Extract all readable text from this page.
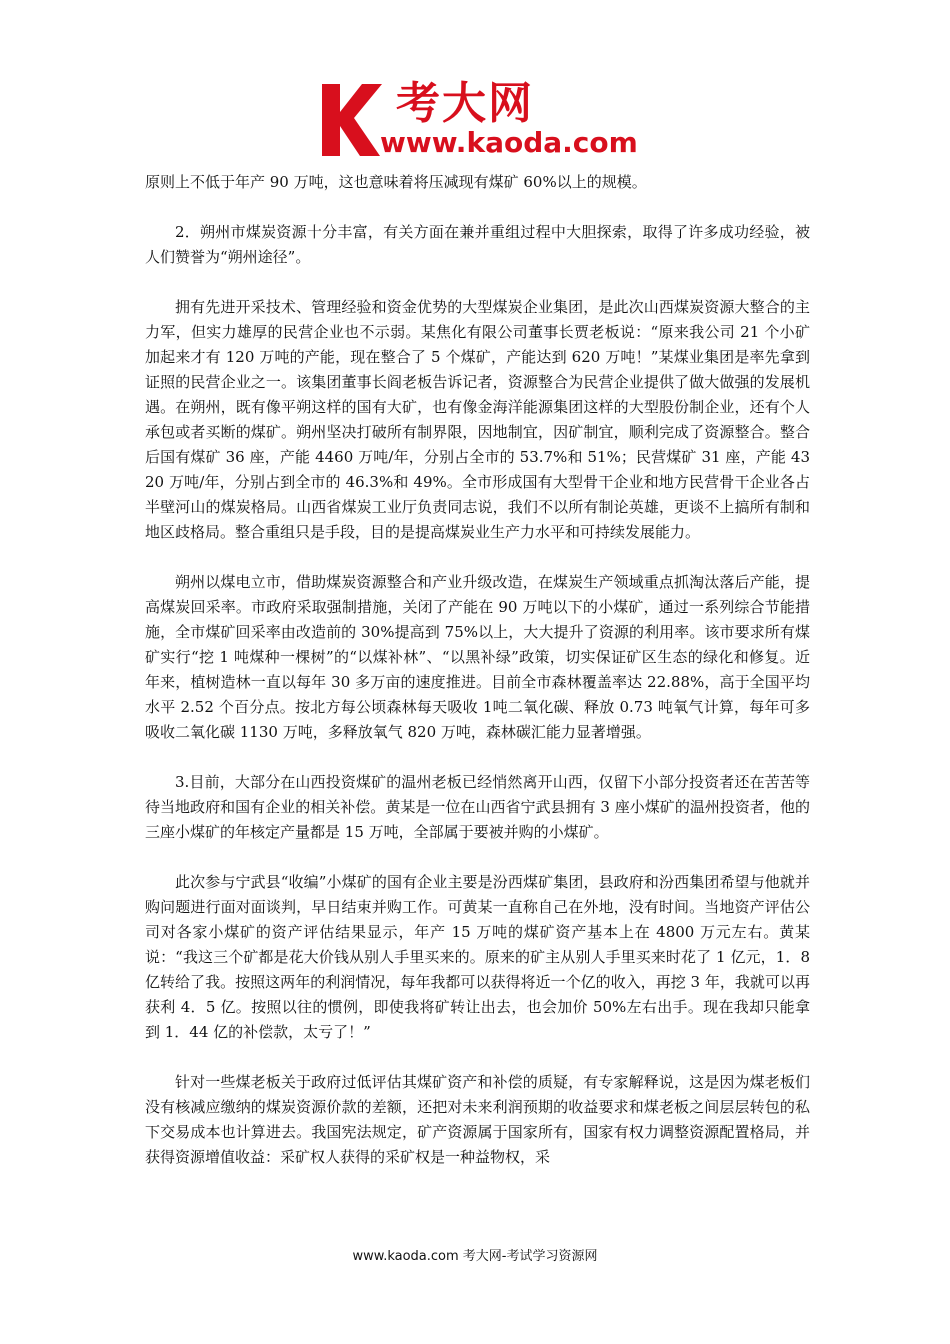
考大网
www.kaoda.com

原则上不低于年产 90 万吨，这也意味着将压减现有煤矿 60%以上的规模。

2．朔州市煤炭资源十分丰富，有关方面在兼并重组过程中大胆探索，取得了许多成功经验，被人们赞誉为“朔州途径”。

拥有先进开采技术、管理经验和资金优势的大型煤炭企业集团，是此次山西煤炭资源大整合的主力军，但实力雄厚的民营企业也不示弱。某焦化有限公司董事长贾老板说：“原来我公司 21 个小矿加起来才有 120 万吨的产能，现在整合了 5 个煤矿，产能达到 620 万吨！”某煤业集团是率先拿到证照的民营企业之一。该集团董事长阎老板告诉记者，资源整合为民营企业提供了做大做强的发展机遇。在朔州，既有像平朔这样的国有大矿，也有像金海洋能源集团这样的大型股份制企业，还有个人承包或者买断的煤矿。朔州坚决打破所有制界限，因地制宜，因矿制宜，顺利完成了资源整合。整合后国有煤矿 36 座，产能 4460 万吨/年，分别占全市的 53.7%和 51%；民营煤矿 31 座，产能 4320 万吨/年，分别占到全市的 46.3%和 49%。全市形成国有大型骨干企业和地方民营骨干企业各占半壁河山的煤炭格局。山西省煤炭工业厅负责同志说，我们不以所有制论英雄，更谈不上搞所有制和地区歧格局。整合重组只是手段，目的是提高煤炭业生产力水平和可持续发展能力。

朔州以煤电立市，借助煤炭资源整合和产业升级改造，在煤炭生产领域重点抓淘汰落后产能，提高煤炭回采率。市政府采取强制措施，关闭了产能在 90 万吨以下的小煤矿，通过一系列综合节能措施，全市煤矿回采率由改造前的 30%提高到 75%以上，大大提升了资源的利用率。该市要求所有煤矿实行“挖 1 吨煤种一棵树”的“以煤补林”、“以黑补绿”政策，切实保证矿区生态的绿化和修复。近年来，植树造林一直以每年 30 多万亩的速度推进。目前全市森林覆盖率达 22.88%，高于全国平均水平 2.52 个百分点。按北方每公顷森林每天吸收 1吨二氧化碳、释放 0.73 吨氧气计算，每年可多吸收二氧化碳 1130 万吨，多释放氧气 820 万吨，森林碳汇能力显著增强。

3.目前，大部分在山西投资煤矿的温州老板已经悄然离开山西，仅留下小部分投资者还在苦苦等待当地政府和国有企业的相关补偿。黄某是一位在山西省宁武县拥有 3 座小煤矿的温州投资者，他的三座小煤矿的年核定产量都是 15 万吨，全部属于要被并购的小煤矿。

此次参与宁武县“收编”小煤矿的国有企业主要是汾西煤矿集团，县政府和汾西集团希望与他就并购问题进行面对面谈判，早日结束并购工作。可黄某一直称自己在外地，没有时间。当地资产评估公司对各家小煤矿的资产评估结果显示，年产 15 万吨的煤矿资产基本上在 4800 万元左右。黄某说：“我这三个矿都是花大价钱从别人手里买来的。原来的矿主从别人手里买来时花了 1 亿元，1．8 亿转给了我。按照这两年的利润情况，每年我都可以获得将近一个亿的收入，再挖 3 年，我就可以再获利 4．5 亿。按照以往的惯例，即使我将矿转让出去，也会加价 50%左右出手。现在我却只能拿到 1．44 亿的补偿款，太亏了！”

针对一些煤老板关于政府过低评估其煤矿资产和补偿的质疑，有专家解释说，这是因为煤老板们没有核减应缴纳的煤炭资源价款的差额，还把对未来利润预期的收益要求和煤老板之间层层转包的私下交易成本也计算进去。我国宪法规定，矿产资源属于国家所有，国家有权力调整资源配置格局，并获得资源增值收益：采矿权人获得的采矿权是一种益物权，采

www.kaoda.com 考大网-考试学习资源网
